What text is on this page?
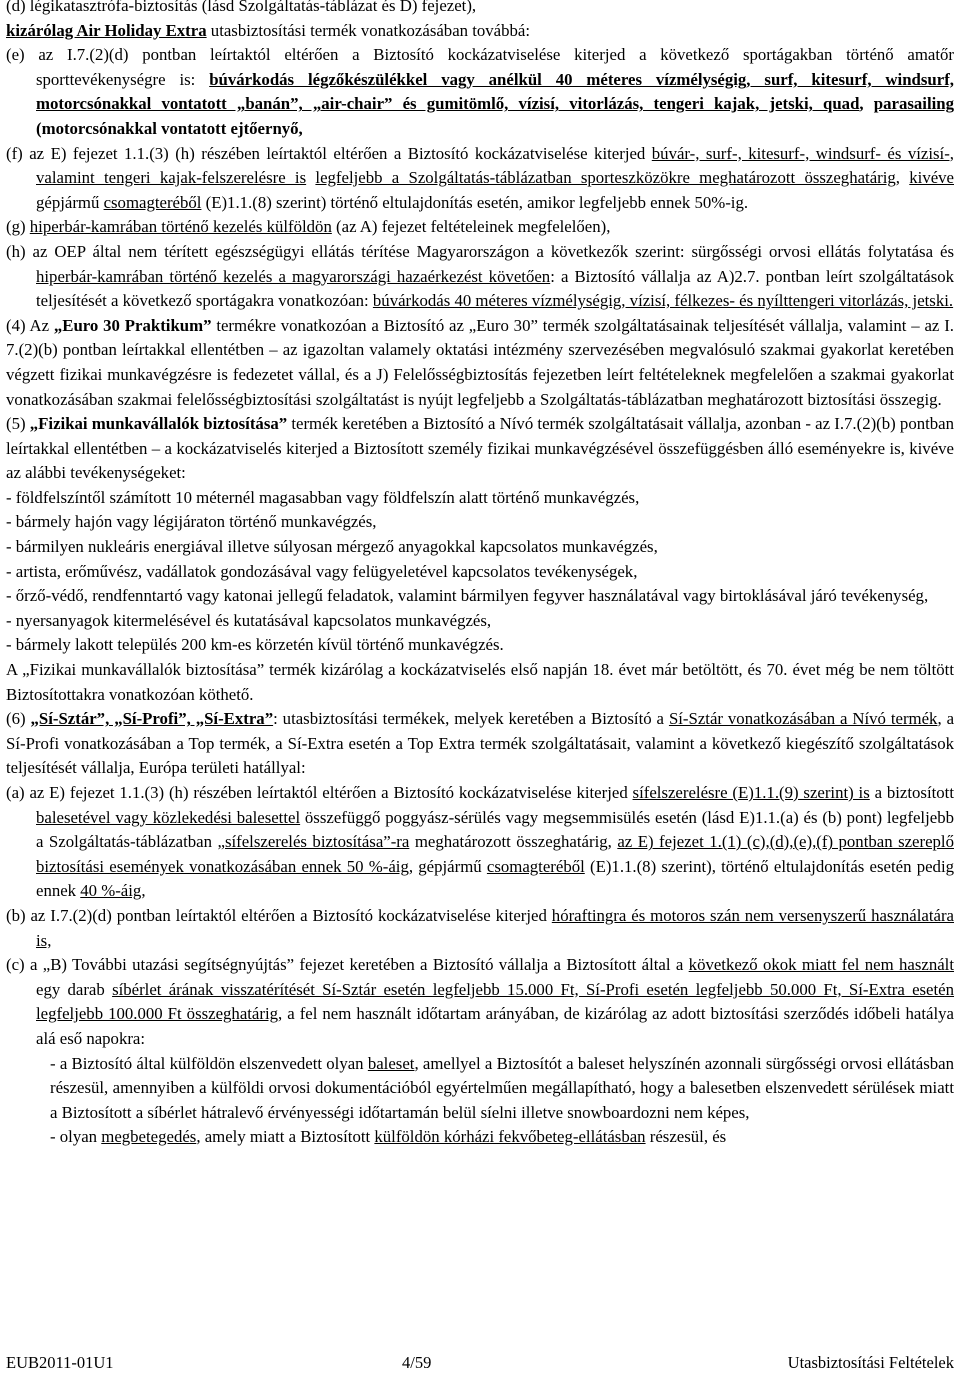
(d) légikatasztrófa-biztosítás (lásd Szolgáltatás-táblázat és D) fejezet),

kizárólag Air Holiday Extra utasbiztosítási termék vonatkozásában továbbá:

(e) az I.7.(2)(d) pontban leírtaktól eltérően a Biztosító kockázatviselése kiterjed a következő sportágakban történő amatőr sporttevékenységre is: búvárkodás légzőkészülékkel vagy anélkül 40 méteres vízmélységig, surf, kitesurf, windsurf, motorcsónakkal vontatott „banán”, „air-chair” és gumitömlő, vízisí, vitorlázás, tengeri kajak, jetski, quad, parasailing (motorcsónakkal vontatott ejtőernyő,

(f) az E) fejezet 1.1.(3) (h) részében leírtaktól eltérően a Biztosító kockázatviselése kiterjed búvár-, surf-, kitesurf-, windsurf- és vízisí-, valamint tengeri kajak-felszerelésre is legfeljebb a Szolgáltatás-táblázatban sporteszközökre meghatározott összeghatárig, kivéve gépjármű csomagteréből (E)1.1.(8) szerint) történő eltulajdonítás esetén, amikor legfeljebb ennek 50%-ig.

(g) hiperbár-kamrában történő kezelés külföldön (az A) fejezet feltételeinek megfelelően),

(h) az OEP által nem térített egészségügyi ellátás térítése Magyarországon a következők szerint: sürgősségi orvosi ellátás folytatása és hiperbár-kamrában történő kezelés a magyarországi hazaérkezést követően: a Biztosító vállalja az A)2.7. pontban leírt szolgáltatások teljesítését a következő sportágakra vonatkozóan: búvárkodás 40 méteres vízmélységig, vízisí, félkezes- és nyílttengeri vitorlázás, jetski.

(4) Az „Euro 30 Praktikum” termékre vonatkozóan a Biztosító az „Euro 30” termék szolgáltatásainak teljesítését vállalja, valamint – az I. 7.(2)(b) pontban leírtakkal ellentétben – az igazoltan valamely oktatási intézmény szervezésében megvalósuló szakmai gyakorlat keretében végzett fizikai munkavégzésre is fedezetet vállal, és a J) Felelősségbiztosítás fejezetben leírt feltételeknek megfelelően a szakmai gyakorlat vonatkozásában szakmai felelősségbiztosítási szolgáltatást is nyújt legfeljebb a Szolgáltatás-táblázatban meghatározott biztosítási összegig.

(5) „Fizikai munkavállalók biztosítása” termék keretében a Biztosító a Nívó termék szolgáltatásait vállalja, azonban - az I.7.(2)(b) pontban leírtakkal ellentétben – a kockázatviselés kiterjed a Biztosított személy fizikai munkavégzésével összefüggésben álló eseményekre is, kivéve az alábbi tevékenységeket:

- földfelszíntől számított 10 méternél magasabban vagy földfelszín alatt történő munkavégzés,

- bármely hajón vagy légijáraton történő munkavégzés,

- bármilyen nukleáris energiával illetve súlyosan mérgező anyagokkal kapcsolatos munkavégzés,

- artista, erőművész, vadállatok gondozásával vagy felügyeletével kapcsolatos tevékenységek,

- őrző-védő, rendfenntartó vagy katonai jellegű feladatok, valamint bármilyen fegyver használatával vagy birtoklásával járó tevékenység,

- nyersanyagok kitermelésével és kutatásával kapcsolatos munkavégzés,

- bármely lakott település 200 km-es körzetén kívül történő munkavégzés.

A „Fizikai munkavállalók biztosítása” termék kizárólag a kockázatviselés első napján 18. évet már betöltött, és 70. évet még be nem töltött Biztosítottakra vonatkozóan köthető.

(6) „Sí-Sztár”, „Sí-Profi”, „Sí-Extra”: utasbiztosítási termékek, melyek keretében a Biztosító a Sí-Sztár vonatkozásában a Nívó termék, a Sí-Profi vonatkozásában a Top termék, a Sí-Extra esetén a Top Extra termék szolgáltatásait, valamint a következő kiegészítő szolgáltatások teljesítését vállalja, Európa területi hatállyal:

(a) az E) fejezet 1.1.(3) (h) részében leírtaktól eltérően a Biztosító kockázatviselése kiterjed sífelszerelésre (E)1.1.(9) szerint) is a biztosított balesetével vagy közlekedési balesettel összefüggő poggyász-sérülés vagy megsemmisülés esetén (lásd E)1.1.(a) és (b) pont) legfeljebb a Szolgáltatás-táblázatban „sífelszerelés biztosítása”-ra meghatározott összeghatárig, az E) fejezet 1.(1) (c),(d),(e),(f) pontban szereplő biztosítási események vonatkozásában ennek 50 %-áig, gépjármű csomagteréből (E)1.1.(8) szerint), történő eltulajdonítás esetén pedig ennek 40 %-áig,

(b) az I.7.(2)(d) pontban leírtaktól eltérően a Biztosító kockázatviselése kiterjed hóraftingra és motoros szán nem versenyszerű használatára is,

(c) a „B) További utazási segítségnyújtás” fejezet keretében a Biztosító vállalja a Biztosított által a következő okok miatt fel nem használt egy darab síbérlet árának visszatérítését Sí-Sztár esetén legfeljebb 15.000 Ft, Sí-Profi esetén legfeljebb 50.000 Ft, Sí-Extra esetén legfeljebb 100.000 Ft összeghatárig, a fel nem használt időtartam arányában, de kizárólag az adott biztosítási szerződés időbeli hatálya alá eső napokra:

- a Biztosító által külföldön elszenvedett olyan baleset, amellyel a Biztosítót a baleset helyszínén azonnali sürgősségi orvosi ellátásban részesül, amennyiben a külföldi orvosi dokumentációból egyértelműen megállapítható, hogy a balesetben elszenvedett sérülések miatt a Biztosított a síbérlet hátralevő érvényességi időtartamán belül síelni illetve snowboardozni nem képes,

- olyan megbetegedés, amely miatt a Biztosított külföldön kórházi fekvőbeteg-ellátásban részesül, és

EUB2011-01U1	4/59	Utasbiztosítási Feltételek
